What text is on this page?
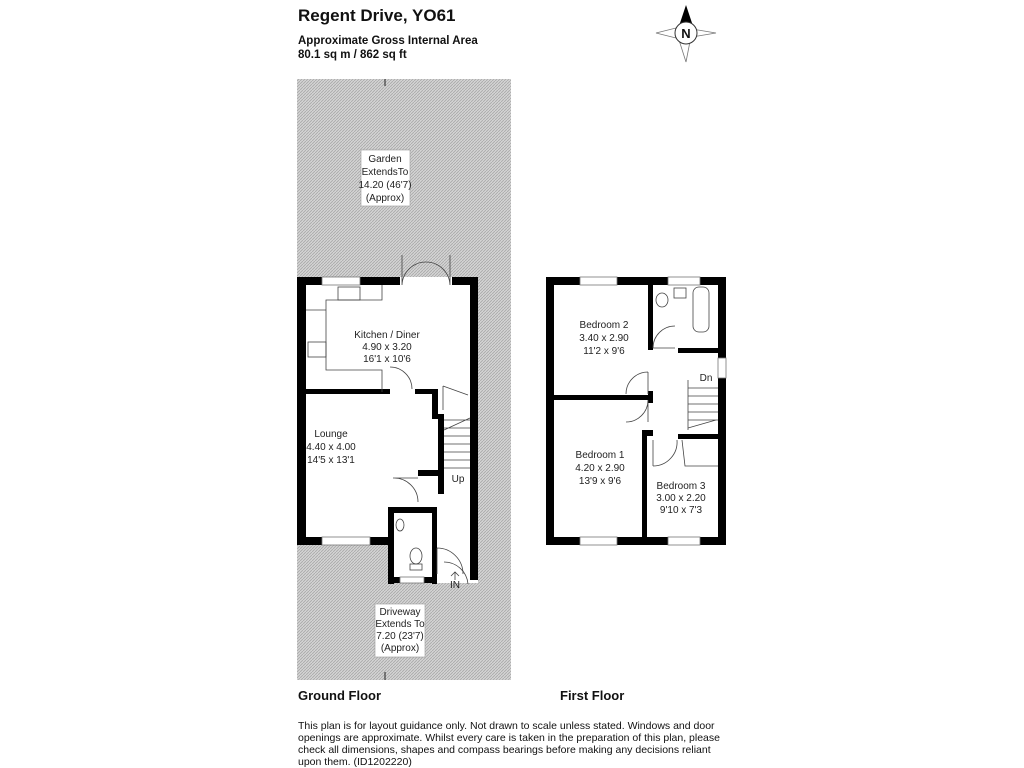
Regent Drive, YO61
Approximate Gross Internal Area
80.1 sq m / 862 sq ft
N
Garden
ExtendsTo
14.20 (46'7)
(Approx)
Driveway
Extends To
7.20 (23'7)
(Approx)
Kitchen / Diner
4.90 x 3.20
16'1 x 10'6
Lounge
4.40 x 4.00
14'5 x 13'1
Up
IN
Bedroom 2
3.40 x 2.90
11'2 x 9'6
Bedroom 1
4.20 x 2.90
13'9 x 9'6	Bedroom 3
3.00 x 2.20
9'10 x 7'3
Dn
Ground Floor	First Floor
This plan is for layout guidance only. Not drawn to scale unless stated. Windows and door
openings are approximate. Whilst every care is taken in the preparation of this plan, please
check all dimensions, shapes and compass bearings before making any decisions reliant
upon them. (ID1202220)
